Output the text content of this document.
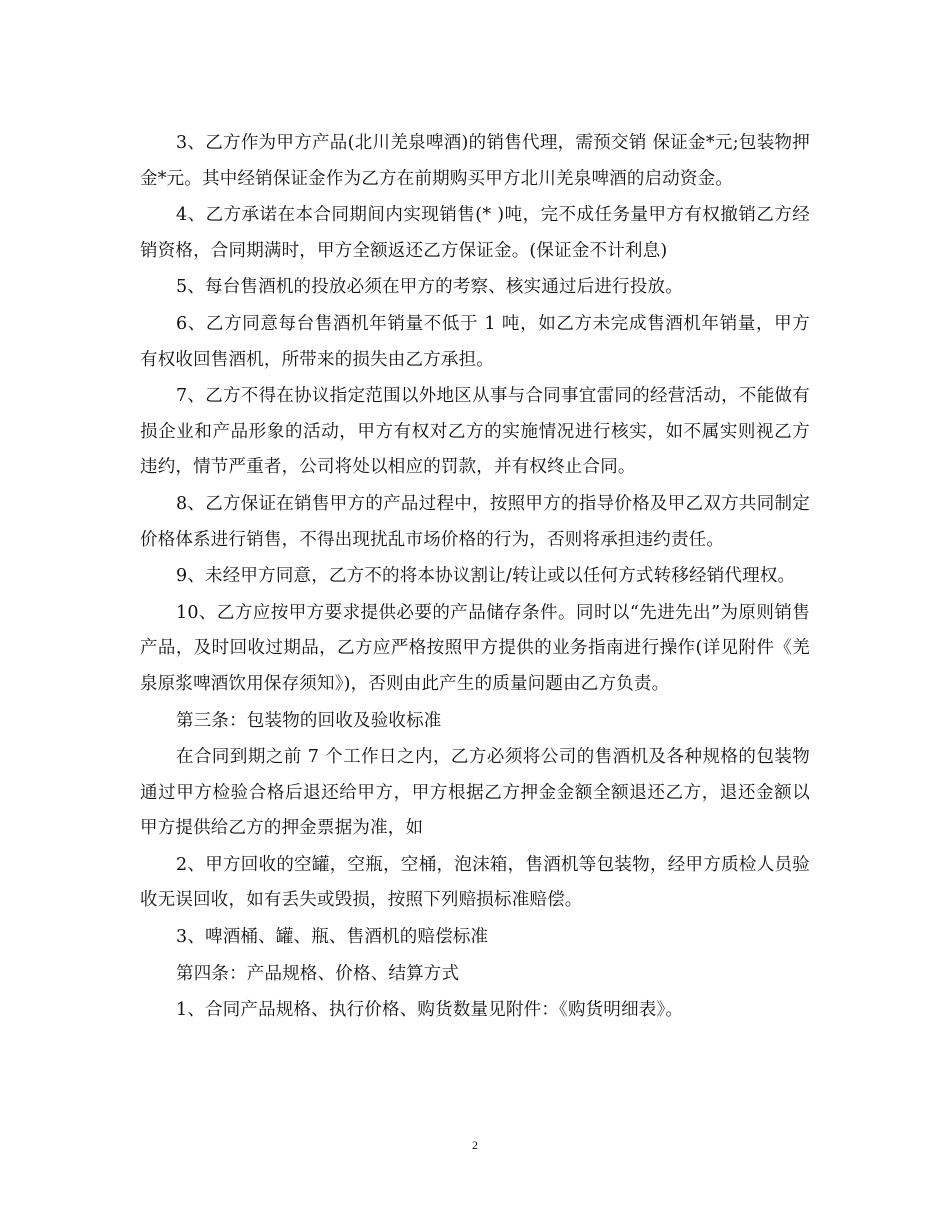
3、乙方作为甲方产品(北川羌泉啤酒)的销售代理，需预交销 保证金*元;包装物押金*元。其中经销保证金作为乙方在前期购买甲方北川羌泉啤酒的启动资金。

4、乙方承诺在本合同期间内实现销售(* )吨，完不成任务量甲方有权撤销乙方经销资格，合同期满时，甲方全额返还乙方保证金。(保证金不计利息)

5、每台售酒机的投放必须在甲方的考察、核实通过后进行投放。

6、乙方同意每台售酒机年销量不低于 1 吨，如乙方未完成售酒机年销量，甲方有权收回售酒机，所带来的损失由乙方承担。

7、乙方不得在协议指定范围以外地区从事与合同事宜雷同的经营活动，不能做有损企业和产品形象的活动，甲方有权对乙方的实施情况进行核实，如不属实则视乙方违约，情节严重者，公司将处以相应的罚款，并有权终止合同。

8、乙方保证在销售甲方的产品过程中，按照甲方的指导价格及甲乙双方共同制定价格体系进行销售，不得出现扰乱市场价格的行为，否则将承担违约责任。

9、未经甲方同意，乙方不的将本协议割让/转让或以任何方式转移经销代理权。

10、乙方应按甲方要求提供必要的产品储存条件。同时以“先进先出”为原则销售产品，及时回收过期品，乙方应严格按照甲方提供的业务指南进行操作(详见附件《羌泉原浆啤酒饮用保存须知》)，否则由此产生的质量问题由乙方负责。

第三条：包装物的回收及验收标准

在合同到期之前 7 个工作日之内，乙方必须将公司的售酒机及各种规格的包装物通过甲方检验合格后退还给甲方，甲方根据乙方押金金额全额退还乙方，退还金额以甲方提供给乙方的押金票据为准，如

2、甲方回收的空罐，空瓶，空桶，泡沫箱，售酒机等包装物，经甲方质检人员验收无误回收，如有丢失或毁损，按照下列赔损标准赔偿。

3、啤酒桶、罐、瓶、售酒机的赔偿标准

第四条：产品规格、价格、结算方式

1、合同产品规格、执行价格、购货数量见附件：《购货明细表》。

2
